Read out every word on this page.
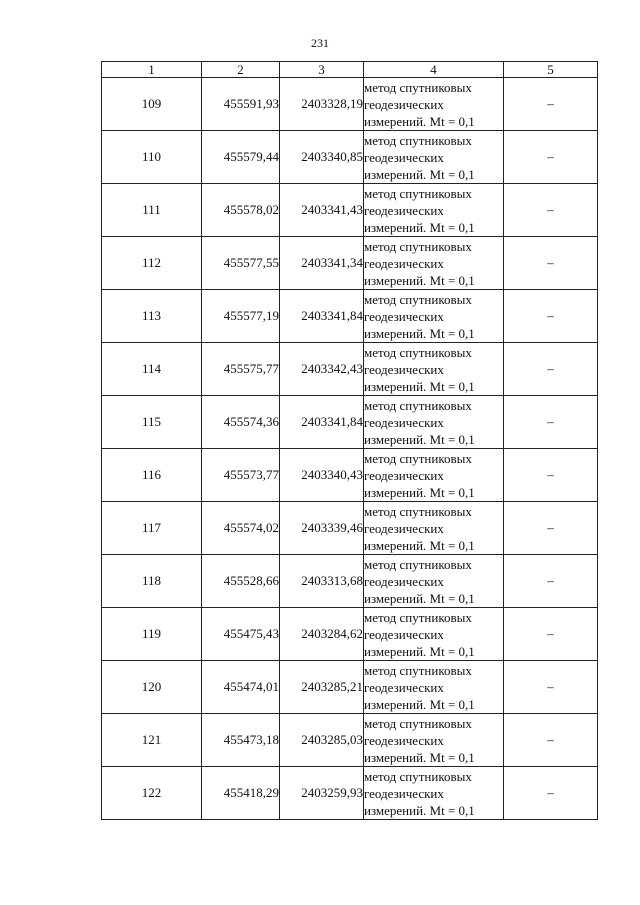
231
1	2	3	4	5
109	455591,93	2403328,19	метод спутниковых
геодезических
измерений. Mt = 0,1	–
110	455579,44	2403340,85	метод спутниковых
геодезических
измерений. Mt = 0,1	–
111	455578,02	2403341,43	метод спутниковых
геодезических
измерений. Mt = 0,1	–
112	455577,55	2403341,34	метод спутниковых
геодезических
измерений. Mt = 0,1	–
113	455577,19	2403341,84	метод спутниковых
геодезических
измерений. Mt = 0,1	–
114	455575,77	2403342,43	метод спутниковых
геодезических
измерений. Mt = 0,1	–
115	455574,36	2403341,84	метод спутниковых
геодезических
измерений. Mt = 0,1	–
116	455573,77	2403340,43	метод спутниковых
геодезических
измерений. Mt = 0,1	–
117	455574,02	2403339,46	метод спутниковых
геодезических
измерений. Mt = 0,1	–
118	455528,66	2403313,68	метод спутниковых
геодезических
измерений. Mt = 0,1	–
119	455475,43	2403284,62	метод спутниковых
геодезических
измерений. Mt = 0,1	–
120	455474,01	2403285,21	метод спутниковых
геодезических
измерений. Mt = 0,1	–
121	455473,18	2403285,03	метод спутниковых
геодезических
измерений. Mt = 0,1	–
122	455418,29	2403259,93	метод спутниковых
геодезических
измерений. Mt = 0,1	–
